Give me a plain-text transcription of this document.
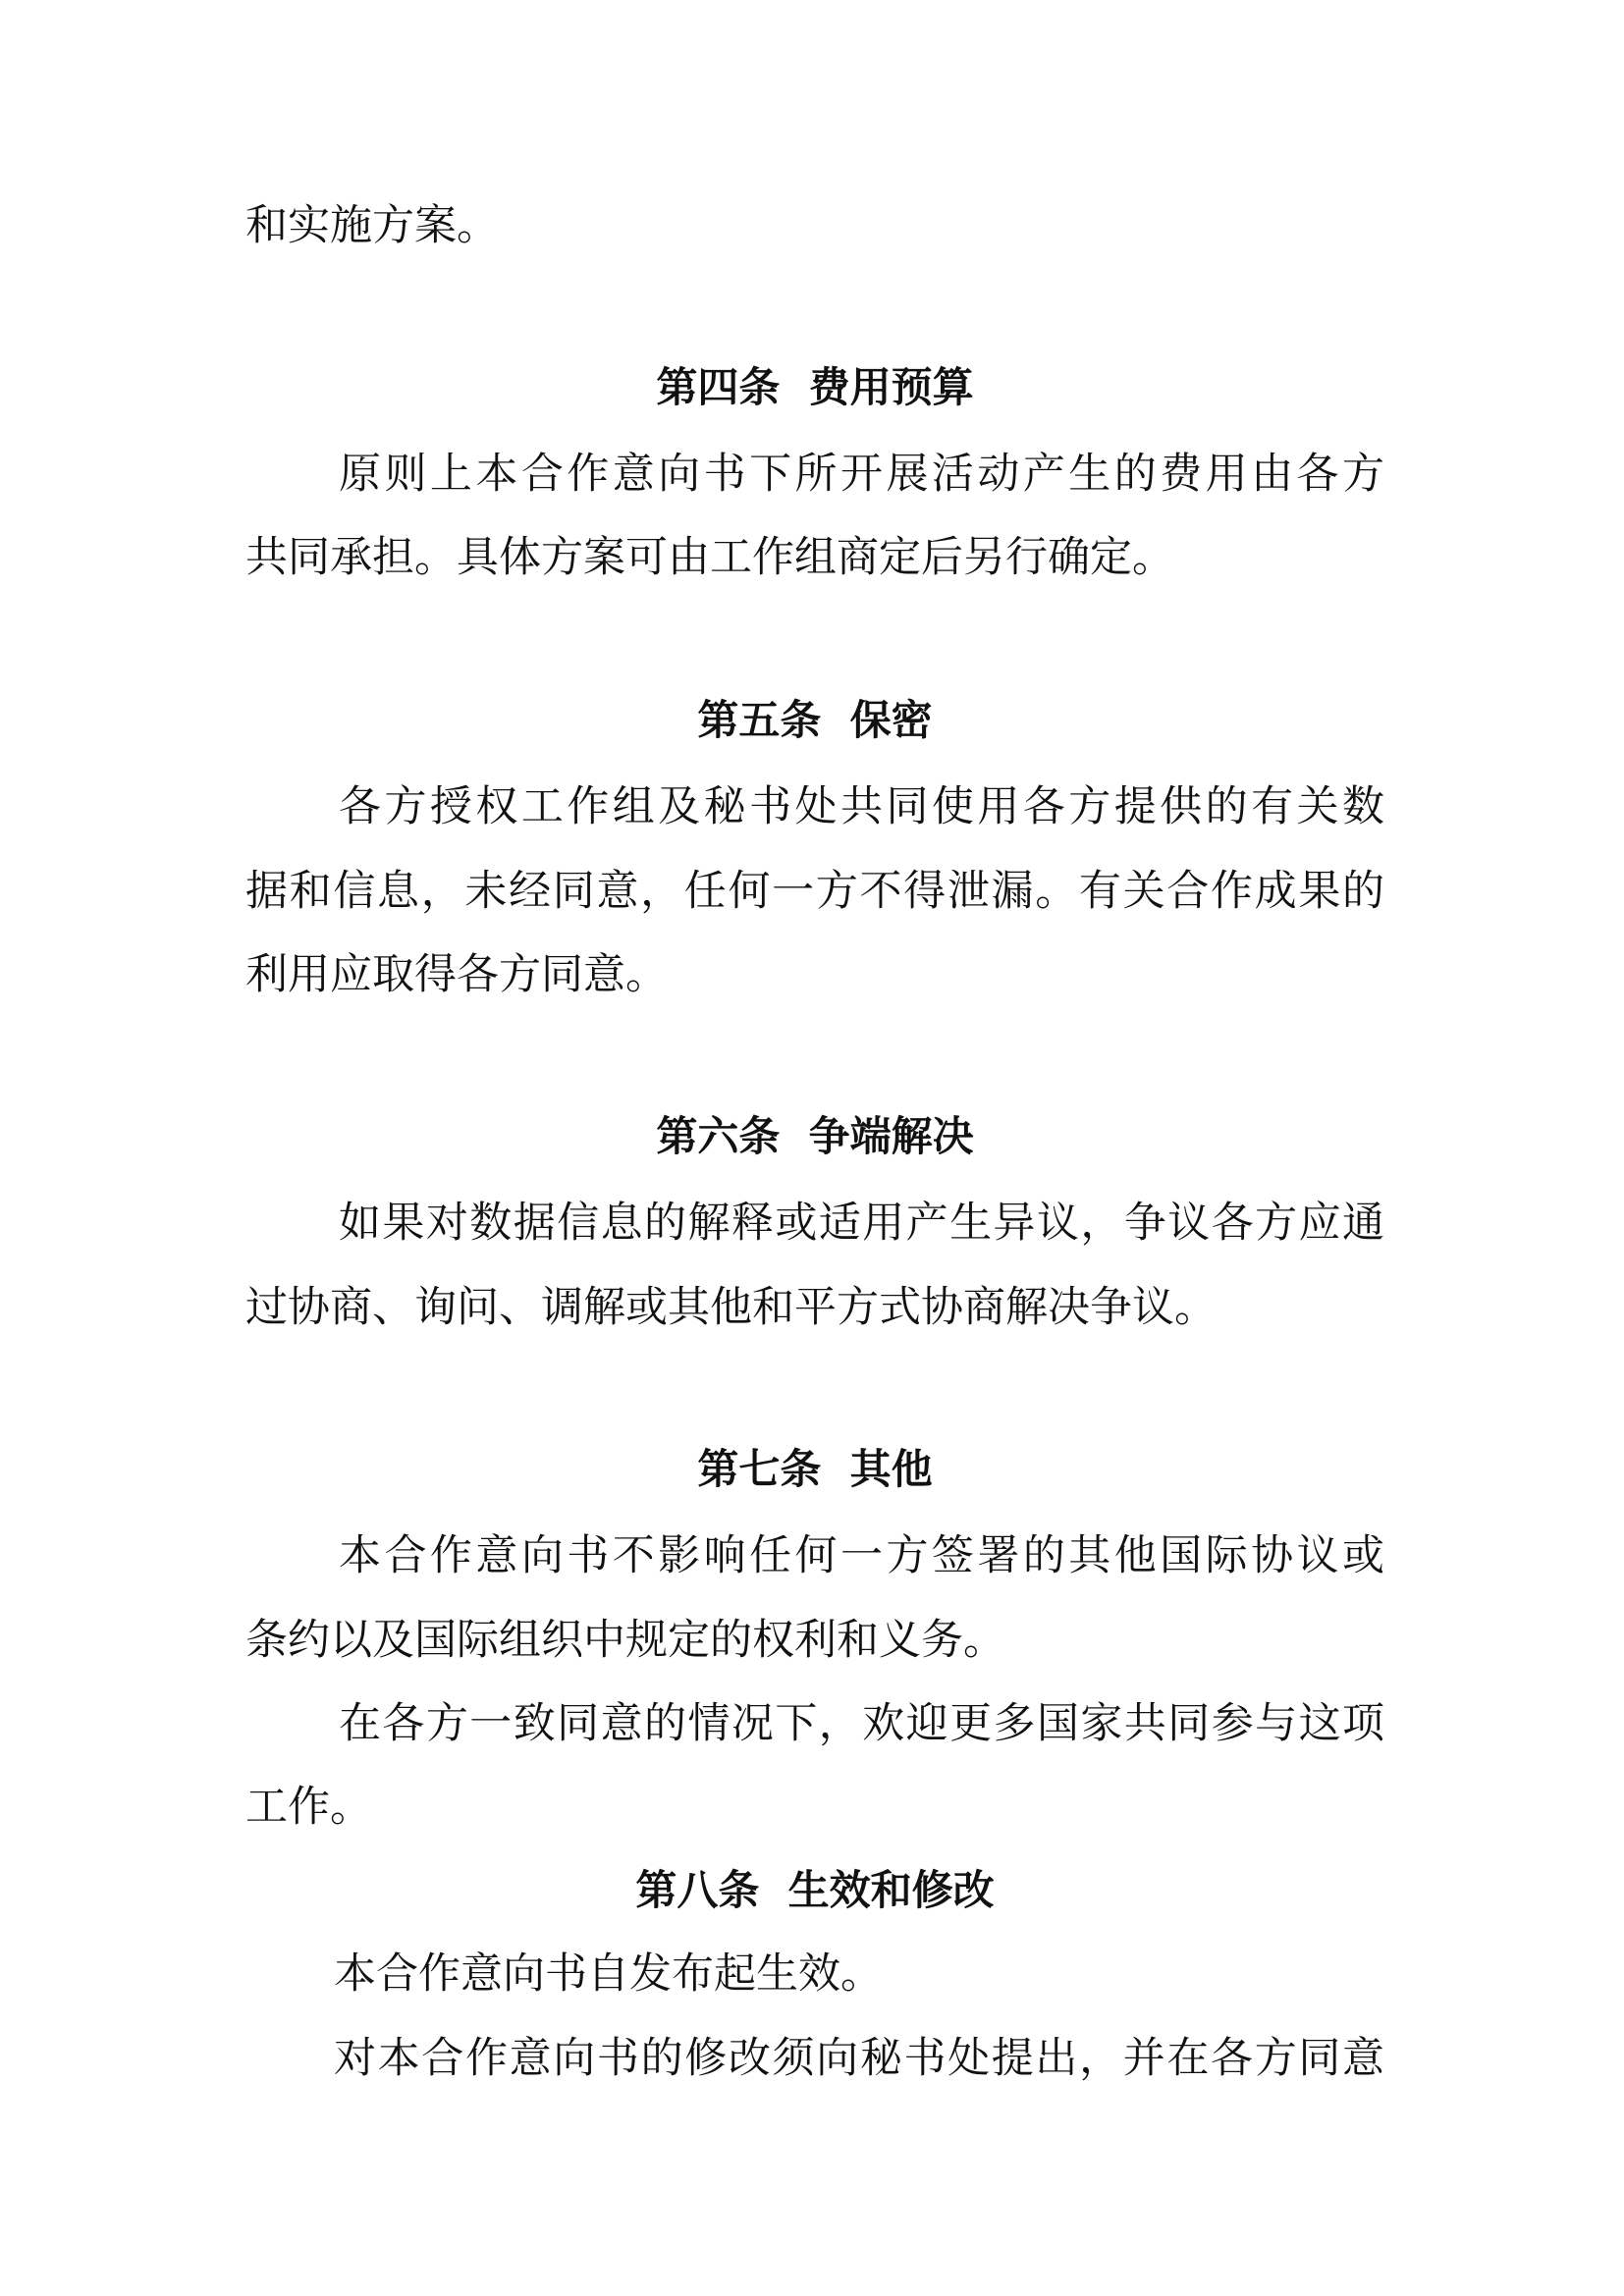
和实施方案。
第四条  费用预算
原则上本合作意向书下所开展活动产生的费用由各方
共同承担。具体方案可由工作组商定后另行确定。
第五条  保密
各方授权工作组及秘书处共同使用各方提供的有关数
据和信息，未经同意，任何一方不得泄漏。有关合作成果的
利用应取得各方同意。
第六条  争端解决
如果对数据信息的解释或适用产生异议，争议各方应通
过协商、询问、调解或其他和平方式协商解决争议。
第七条  其他
本合作意向书不影响任何一方签署的其他国际协议或
条约以及国际组织中规定的权利和义务。
在各方一致同意的情况下，欢迎更多国家共同参与这项
工作。
第八条  生效和修改
本合作意向书自发布起生效。
对本合作意向书的修改须向秘书处提出，并在各方同意
